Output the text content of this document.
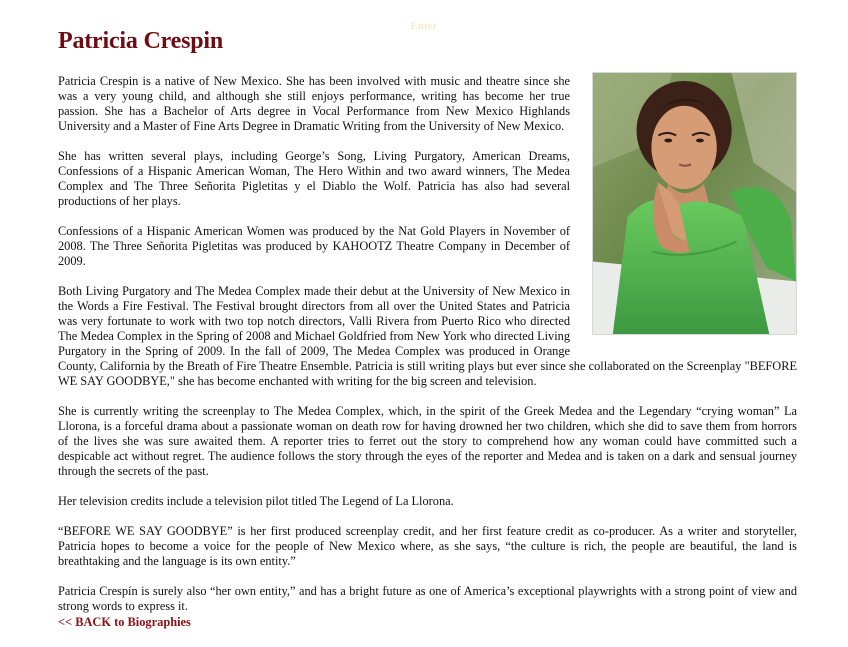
Enter
Patricia Crespin

Patricia Crespin is a native of New Mexico. She has been involved with music and theatre since she was a very young child, and although she still enjoys performance, writing has become her true passion. She has a Bachelor of Arts degree in Vocal Performance from New Mexico Highlands University and a Master of Fine Arts Degree in Dramatic Writing from the University of New Mexico.

She has written several plays, including George’s Song, Living Purgatory, American Dreams, Confessions of a Hispanic American Woman, The Hero Within and two award winners, The Medea Complex and The Three Señorita Pigletitas y el Diablo the Wolf. Patricia has also had several productions of her plays.

Confessions of a Hispanic American Women was produced by the Nat Gold Players in November of 2008. The Three Señorita Pigletitas was produced by KAHOOTZ Theatre Company in December of 2009.

Both Living Purgatory and The Medea Complex made their debut at the University of New Mexico in the Words a Fire Festival. The Festival brought directors from all over the United States and Patricia was very fortunate to work with two top notch directors, Valli Rivera from Puerto Rico who directed The Medea Complex in the Spring of 2008 and Michael Goldfried from New York who directed Living Purgatory in the Spring of 2009. In the fall of 2009, The Medea Complex was produced in Orange County, California by the Breath of Fire Theatre Ensemble. Patricia is still writing plays but ever since she collaborated on the Screenplay "BEFORE WE SAY GOODBYE," she has become enchanted with writing for the big screen and television.

She is currently writing the screenplay to The Medea Complex, which, in the spirit of the Greek Medea and the Legendary “crying woman” La Llorona, is a forceful drama about a passionate woman on death row for having drowned her two children, which she did to save them from horrors of the lives she was sure awaited them. A reporter tries to ferret out the story to comprehend how any woman could have committed such a despicable act without regret. The audience follows the story through the eyes of the reporter and Medea and is taken on a dark and sensual journey through the secrets of the past.

Her television credits include a television pilot titled The Legend of La Llorona.

“BEFORE WE SAY GOODBYE” is her first produced screenplay credit, and her first feature credit as co-producer. As a writer and storyteller, Patricia hopes to become a voice for the people of New Mexico where, as she says, “the culture is rich, the people are beautiful, the land is breathtaking and the language is its own entity.”

Patricia Crespín is surely also “her own entity,” and has a bright future as one of America’s exceptional playwrights with a strong point of view and strong words to express it.

<< BACK to Biographies
